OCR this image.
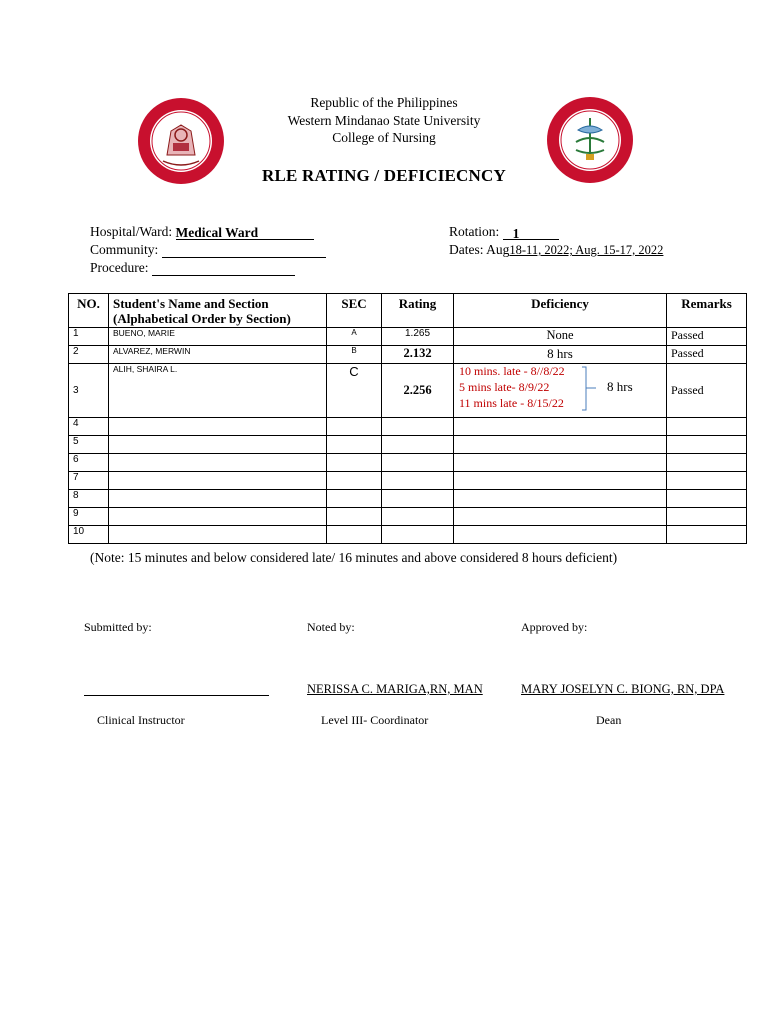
Republic of the Philippines
Western Mindanao State University
College of Nursing
RLE RATING / DEFICIECNCY
Hospital/Ward: Medical Ward
Community:
Procedure:
Rotation: 1
Dates: Aug18-11, 2022; Aug. 15-17, 2022
NO.	Student's Name and Section
(Alphabetical Order by Section)	SEC	Rating	Deficiency	Remarks
1	BUENO, MARIE	A	1.265	None	Passed
2	ALVAREZ, MERWIN	B	2.132	8 hrs	Passed
3	ALIH, SHAIRA L.	C	2.256	10 mins. late - 8//8/22
5 mins late- 8/9/22
11 mins late - 8/15/22
8 hrs	Passed
4					
5					
6					
7					
8					
9					
10					
(Note: 15 minutes and below considered late/ 16 minutes and above considered 8 hours deficient)
Submitted by:	Noted by:	Approved by:
NERISSA C. MARIGA,RN, MAN	MARY JOSELYN C. BIONG, RN, DPA
Clinical Instructor	Level III- Coordinator	Dean
